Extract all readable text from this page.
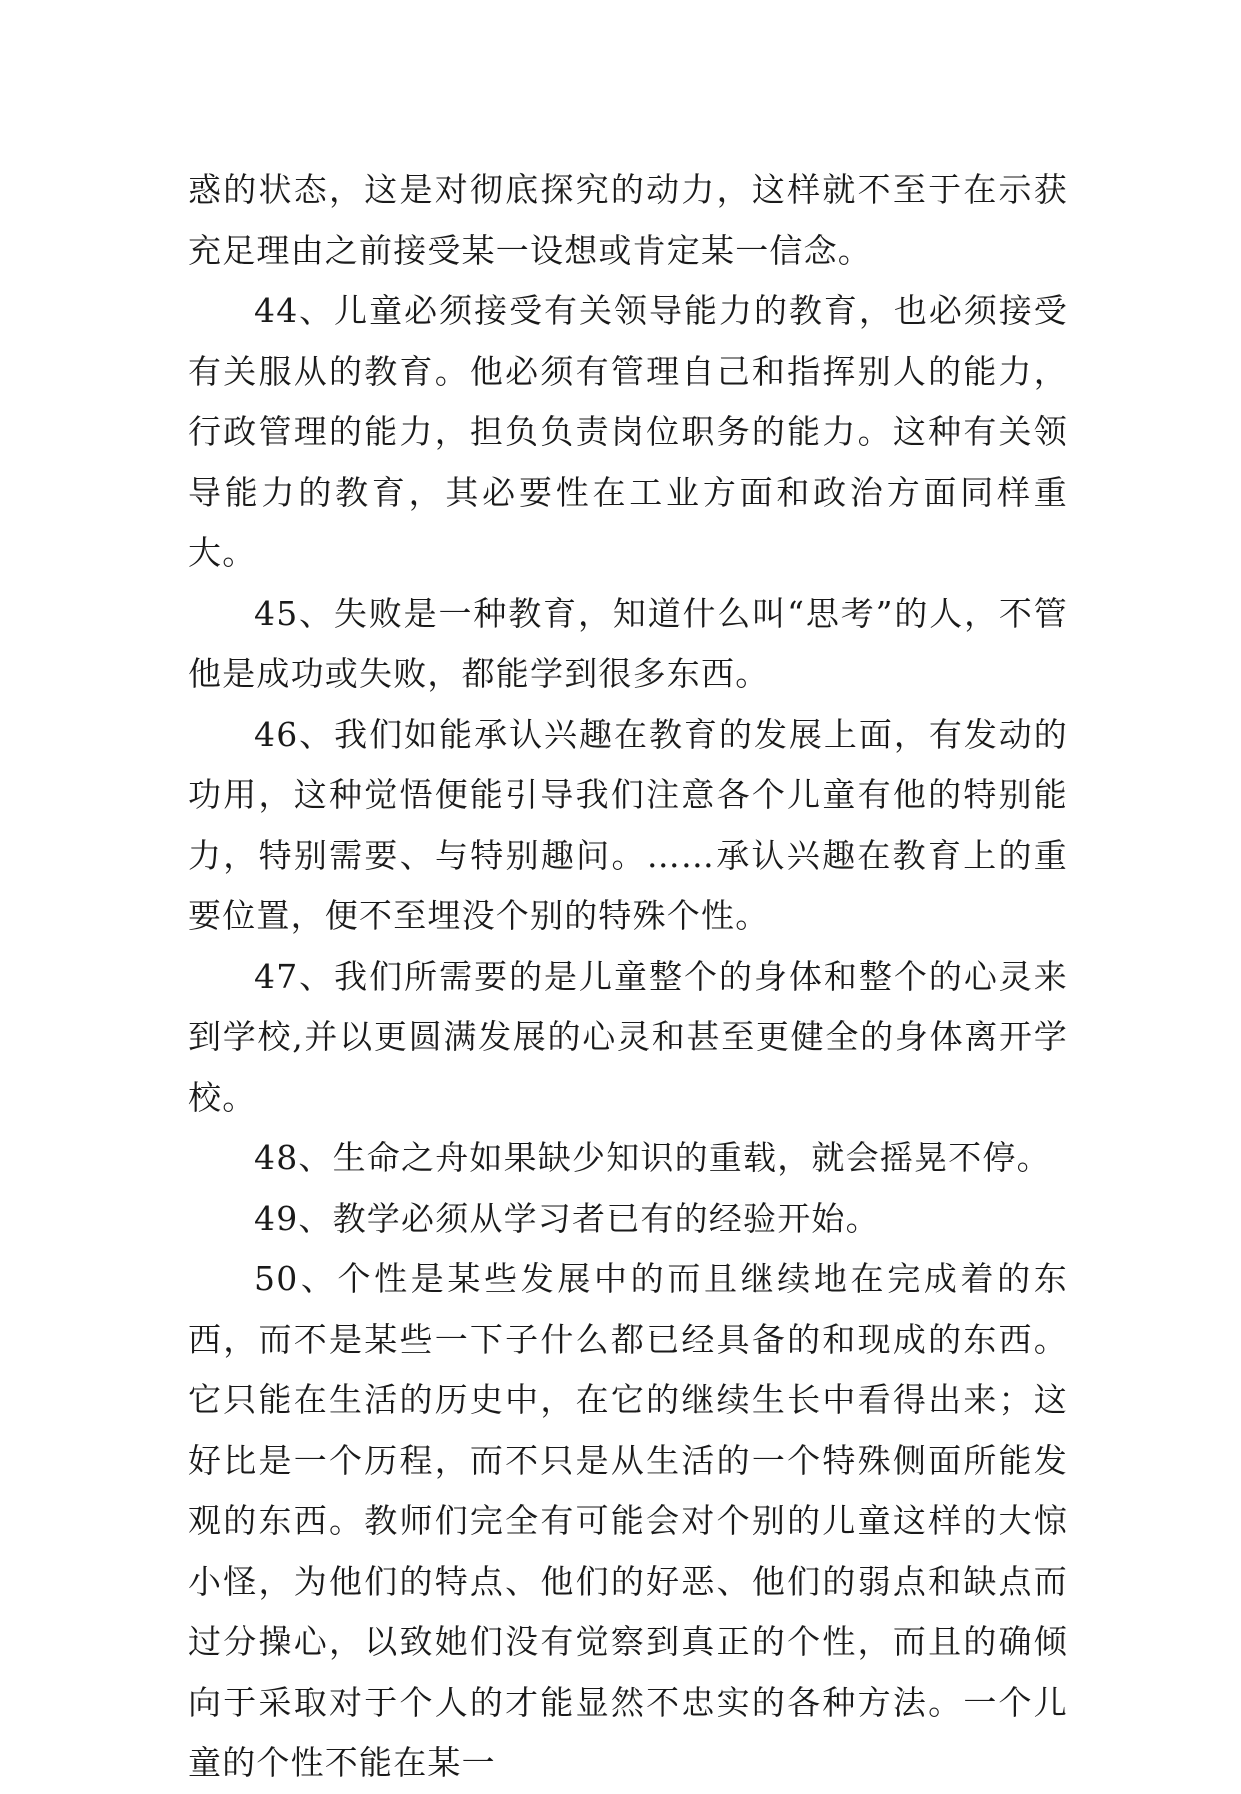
惑的状态，这是对彻底探究的动力，这样就不至于在示获充足理由之前接受某一设想或肯定某一信念。

44、儿童必须接受有关领导能力的教育，也必须接受有关服从的教育。他必须有管理自己和指挥别人的能力，行政管理的能力，担负负责岗位职务的能力。这种有关领导能力的教育，其必要性在工业方面和政治方面同样重大。

45、失败是一种教育，知道什么叫“思考”的人，不管他是成功或失败，都能学到很多东西。

46、我们如能承认兴趣在教育的发展上面，有发动的功用，这种觉悟便能引导我们注意各个儿童有他的特别能力，特别需要、与特别趣问。……承认兴趣在教育上的重要位置，便不至埋没个别的特殊个性。

47、我们所需要的是儿童整个的身体和整个的心灵来到学校,并以更圆满发展的心灵和甚至更健全的身体离开学校。

48、生命之舟如果缺少知识的重载，就会摇晃不停。

49、教学必须从学习者已有的经验开始。

50、个性是某些发展中的而且继续地在完成着的东西，而不是某些一下子什么都已经具备的和现成的东西。它只能在生活的历史中，在它的继续生长中看得出来；这好比是一个历程，而不只是从生活的一个特殊侧面所能发观的东西。教师们完全有可能会对个别的儿童这样的大惊小怪，为他们的特点、他们的好恶、他们的弱点和缺点而过分操心，以致她们没有觉察到真正的个性，而且的确倾向于采取对于个人的才能显然不忠实的各种方法。一个儿童的个性不能在某一
